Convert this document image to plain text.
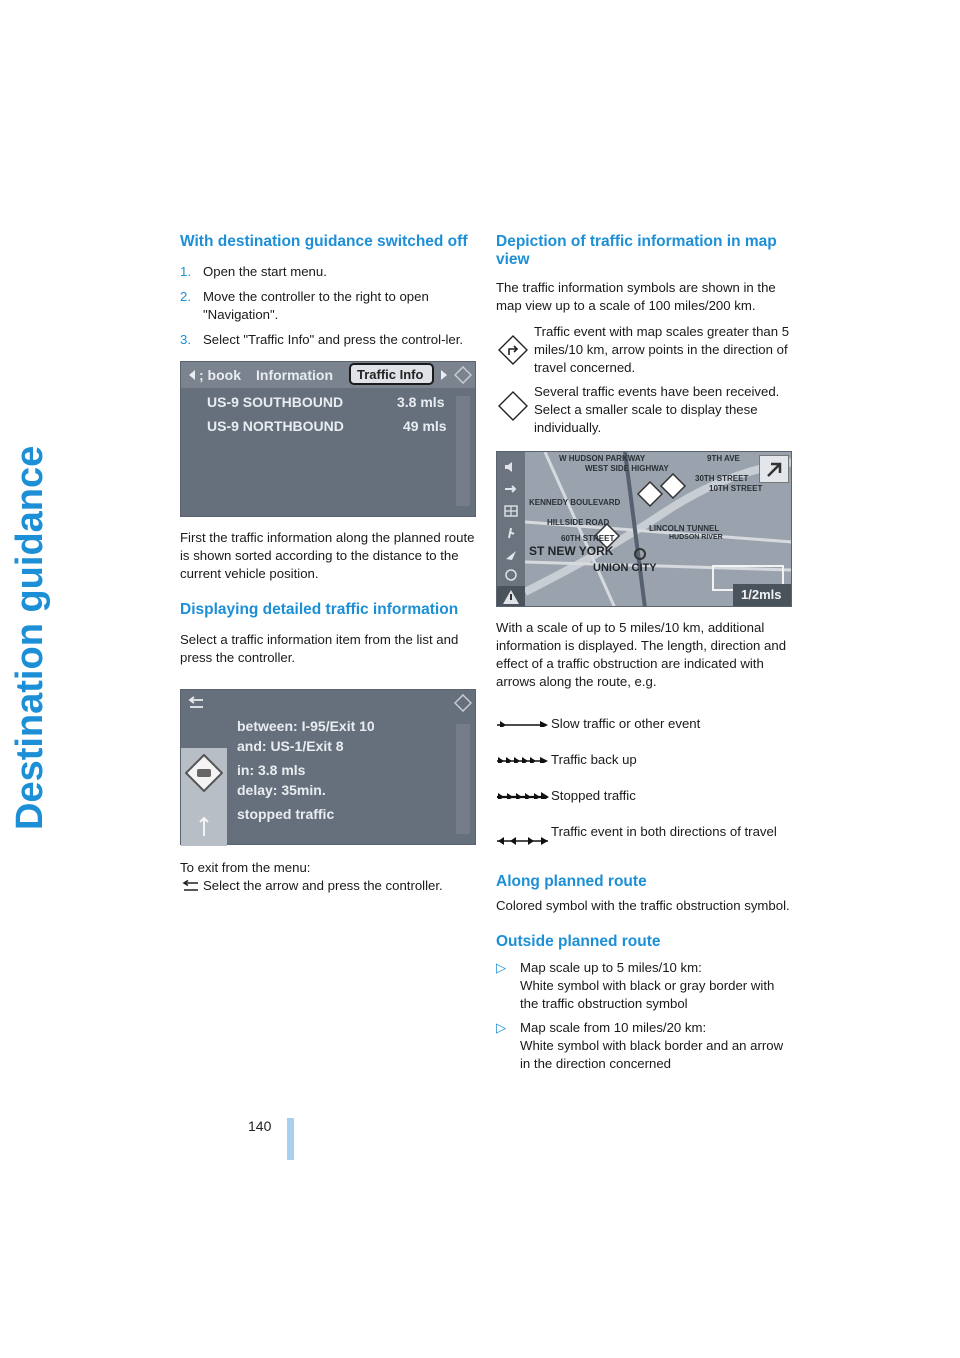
Destination guidance
With destination guidance switched off
1. Open the start menu.
2. Move the controller to the right to open "Navigation".
3. Select "Traffic Info" and press the control-ler.
; book Information Traffic Info
US-9 SOUTHBOUND	3.8 mls
US-9 NORTHBOUND	49 mls

First the traffic information along the planned route is shown sorted according to the distance to the current vehicle position.

Displaying detailed traffic information

Select a traffic information item from the list and press the controller.

between: I-95/Exit 10
and: US-1/Exit 8
in: 3.8 mls
delay: 35min.
stopped traffic

To exit from the menu:

Select the arrow and press the controller.

Depiction of traffic information in map view

The traffic information symbols are shown in the map view up to a scale of 100 miles/200 km.

Traffic event with map scales greater than 5 miles/10 km, arrow points in the direction of travel concerned.

Several traffic events have been received. Select a smaller scale to display these individually.

W HUDSON PARKWAY
WEST SIDE HIGHWAY
KENNEDY BOULEVARD
HILLSIDE ROAD
60TH STREET
LINCOLN TUNNEL
HUDSON RIVER
ST NEW YORK
UNION CITY
30TH STREET
9TH AVE
10TH STREET
1/2mls

With a scale of up to 5 miles/10 km, additional information is displayed. The length, direction and effect of a traffic obstruction are indicated with arrows along the route, e.g.

Slow traffic or other event
Traffic back up
Stopped traffic
Traffic event in both directions of travel
Along planned route

Colored symbol with the traffic obstruction symbol.

Outside planned route
▷	Map scale up to 5 miles/10 km:
White symbol with black or gray border with the traffic obstruction symbol
▷	Map scale from 10 miles/20 km:
White symbol with black border and an arrow in the direction concerned
140
